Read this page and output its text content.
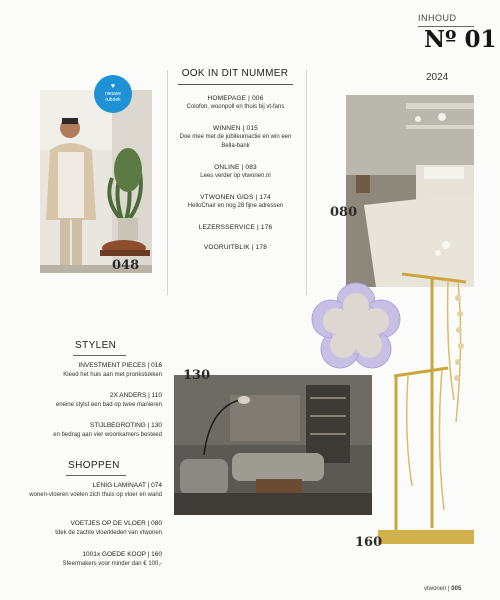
INHOUD
Nº 01
2024
OOK IN DIT NUMMER
HOMEPAGE | 006
Colofon, woonpoll en thuis bij vt-fans
WINNEN | 015
Doe mee met de jubileumactie en win een Bella-bank
ONLINE | 083
Lees verder op vtwonen.nl
VTWONEN GIDS | 174
HelloChair en nog 28 fijne adressen
LEZERSSERVICE | 176
VOORUITBLIK | 178
048
♥
nieuwe
rubriek
080
130
160
STYLEN
INVESTMENT PIECES | 016
Kleed het huis aan met pronkstukken
2X ANDERS | 110
eneine stylst een bad op twee manieren
STIJLBEGROTING | 130
en bedrag aan vier woonkamers besteed
SHOPPEN
LENIG LAMINAAT | 074
wonen-vloeren voelen zich thuis op vloer en wand
VOETJES OP DE VLOER | 080
tdek de zachte vloerkleden van vtwonen
1001x GOEDE KOOP | 160
Sfeermakers voor minder dan € 100,-
vtwonen | 005
